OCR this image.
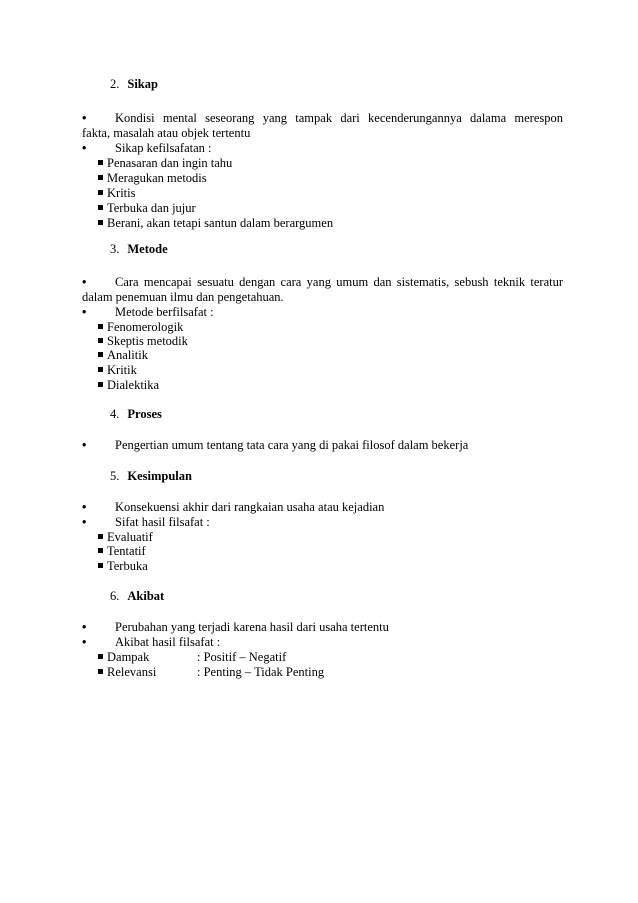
2. Sikap
•	Kondisi mental seseorang yang tampak dari kecenderungannya dalama merespon
fakta, masalah atau objek tertentu
•	Sikap kefilsafatan :
Penasaran dan ingin tahu
Meragukan metodis
Kritis
Terbuka dan jujur
Berani, akan tetapi santun dalam berargumen
3. Metode
•	Cara mencapai sesuatu dengan cara yang umum dan sistematis, sebush teknik teratur
dalam penemuan ilmu dan pengetahuan.
•	Metode berfilsafat :
Fenomerologik
Skeptis metodik
Analitik
Kritik
Dialektika
4. Proses
•	Pengertian umum tentang tata cara yang di pakai filosof dalam bekerja
5. Kesimpulan
•	Konsekuensi akhir dari rangkaian usaha atau kejadian
•	Sifat hasil filsafat :
Evaluatif
Tentatif
Terbuka
6. Akibat
•	Perubahan yang terjadi karena hasil dari usaha tertentu
•	Akibat hasil filsafat :
Dampak	: Positif – Negatif
Relevansi	: Penting – Tidak Penting
